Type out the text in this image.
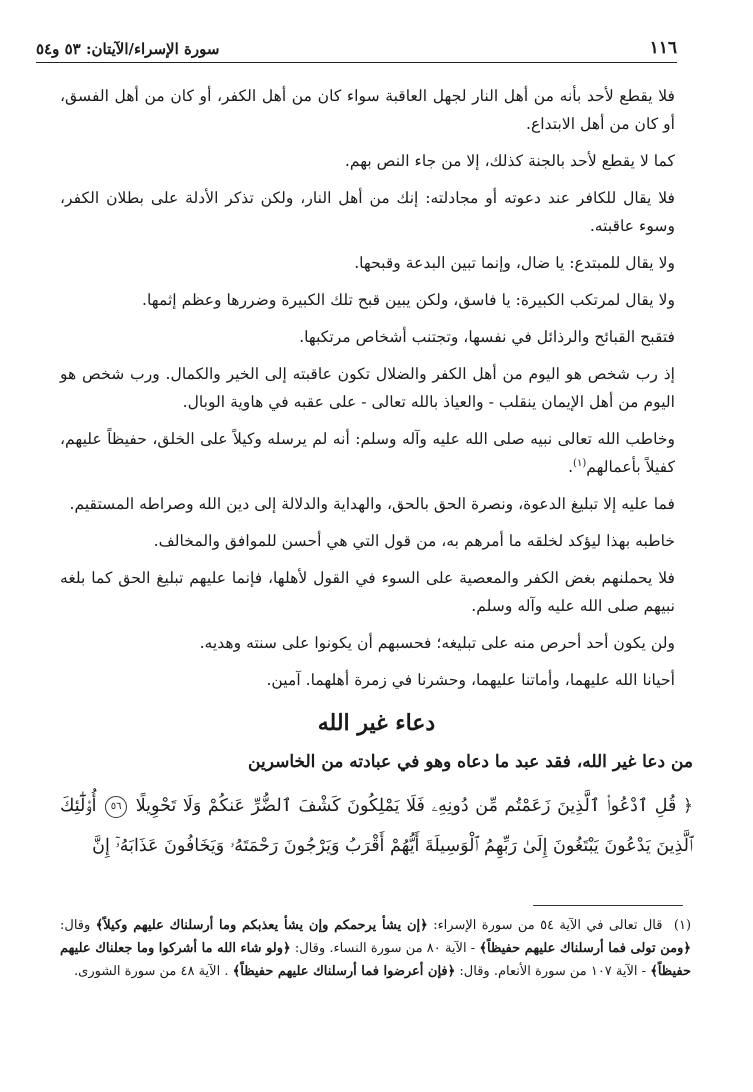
١١٦
سورة الإسراء/الآيتان: ٥٣ و٥٤

فلا يقطع لأحد بأنه من أهل النار لجهل العاقبة سواء كان من أهل الكفر، أو كان من أهل الفسق، أو كان من أهل الابتداع.

كما لا يقطع لأحد بالجنة كذلك، إلا من جاء النص بهم.

فلا يقال للكافر عند دعوته أو مجادلته: إنك من أهل النار، ولكن تذكر الأدلة على بطلان الكفر، وسوء عاقبته.

ولا يقال للمبتدع: يا ضال، وإنما تبين البدعة وقبحها.

ولا يقال لمرتكب الكبيرة: يا فاسق، ولكن يبين قبح تلك الكبيرة وضررها وعظم إثمها.

فتقبح القبائح والرذائل في نفسها، وتجتنب أشخاص مرتكبها.

إذ رب شخص هو اليوم من أهل الكفر والضلال تكون عاقبته إلى الخير والكمال. ورب شخص هو اليوم من أهل الإيمان ينقلب - والعياذ بالله تعالى - على عقبه في هاوية الوبال.

وخاطب الله تعالى نبيه صلى الله عليه وآله وسلم: أنه لم يرسله وكيلاً على الخلق، حفيظاً عليهم، كفيلاً بأعمالهم$^{(١)}$.

فما عليه إلا تبليغ الدعوة، ونصرة الحق بالحق، والهداية والدلالة إلى دين الله وصراطه المستقيم.

خاطبه بهذا ليؤكد لخلقه ما أمرهم به، من قول التي هي أحسن للموافق والمخالف.

فلا يحملنهم بغض الكفر والمعصية على السوء في القول لأهلها، فإنما عليهم تبليغ الحق كما بلغه نبيهم صلى الله عليه وآله وسلم.

ولن يكون أحد أحرص منه على تبليغه؛ فحسبهم أن يكونوا على سنته وهديه.

أحيانا الله عليهما، وأماتنا عليهما، وحشرنا في زمرة أهلهما. آمين.

دعاء غير الله
من دعا غير الله، فقد عبد ما دعاه وهو في عبادته من الخاسرين

﴿ قُلِ ٱدْعُوا۟ ٱلَّذِينَ زَعَمْتُم مِّن دُونِهِۦ فَلَا يَمْلِكُونَ كَشْفَ ٱلضُّرِّ عَنكُمْ وَلَا تَحْوِيلًا ٥٦ أُو۟لَٰٓئِكَ ٱلَّذِينَ يَدْعُونَ يَبْتَغُونَ إِلَىٰ رَبِّهِمُ ٱلْوَسِيلَةَ أَيُّهُمْ أَقْرَبُ وَيَرْجُونَ رَحْمَتَهُۥ وَيَخَافُونَ عَذَابَهُۥٓ إِنَّ

(١) قال تعالى في الآية ٥٤ من سورة الإسراء: ﴿إن يشأ يرحمكم وإن يشأ يعذبكم وما أرسلناك عليهم وكيلاً﴾ وقال: ﴿ومن تولى فما أرسلناك عليهم حفيظاً﴾ - الآية ٨٠ من سورة النساء. وقال: ﴿ولو شاء الله ما أشركوا وما جعلناك عليهم حفيظاً﴾ - الآية ١٠٧ من سورة الأنعام. وقال: ﴿فإن أعرضوا فما أرسلناك عليهم حفيظاً﴾ . الآية ٤٨ من سورة الشورى.
